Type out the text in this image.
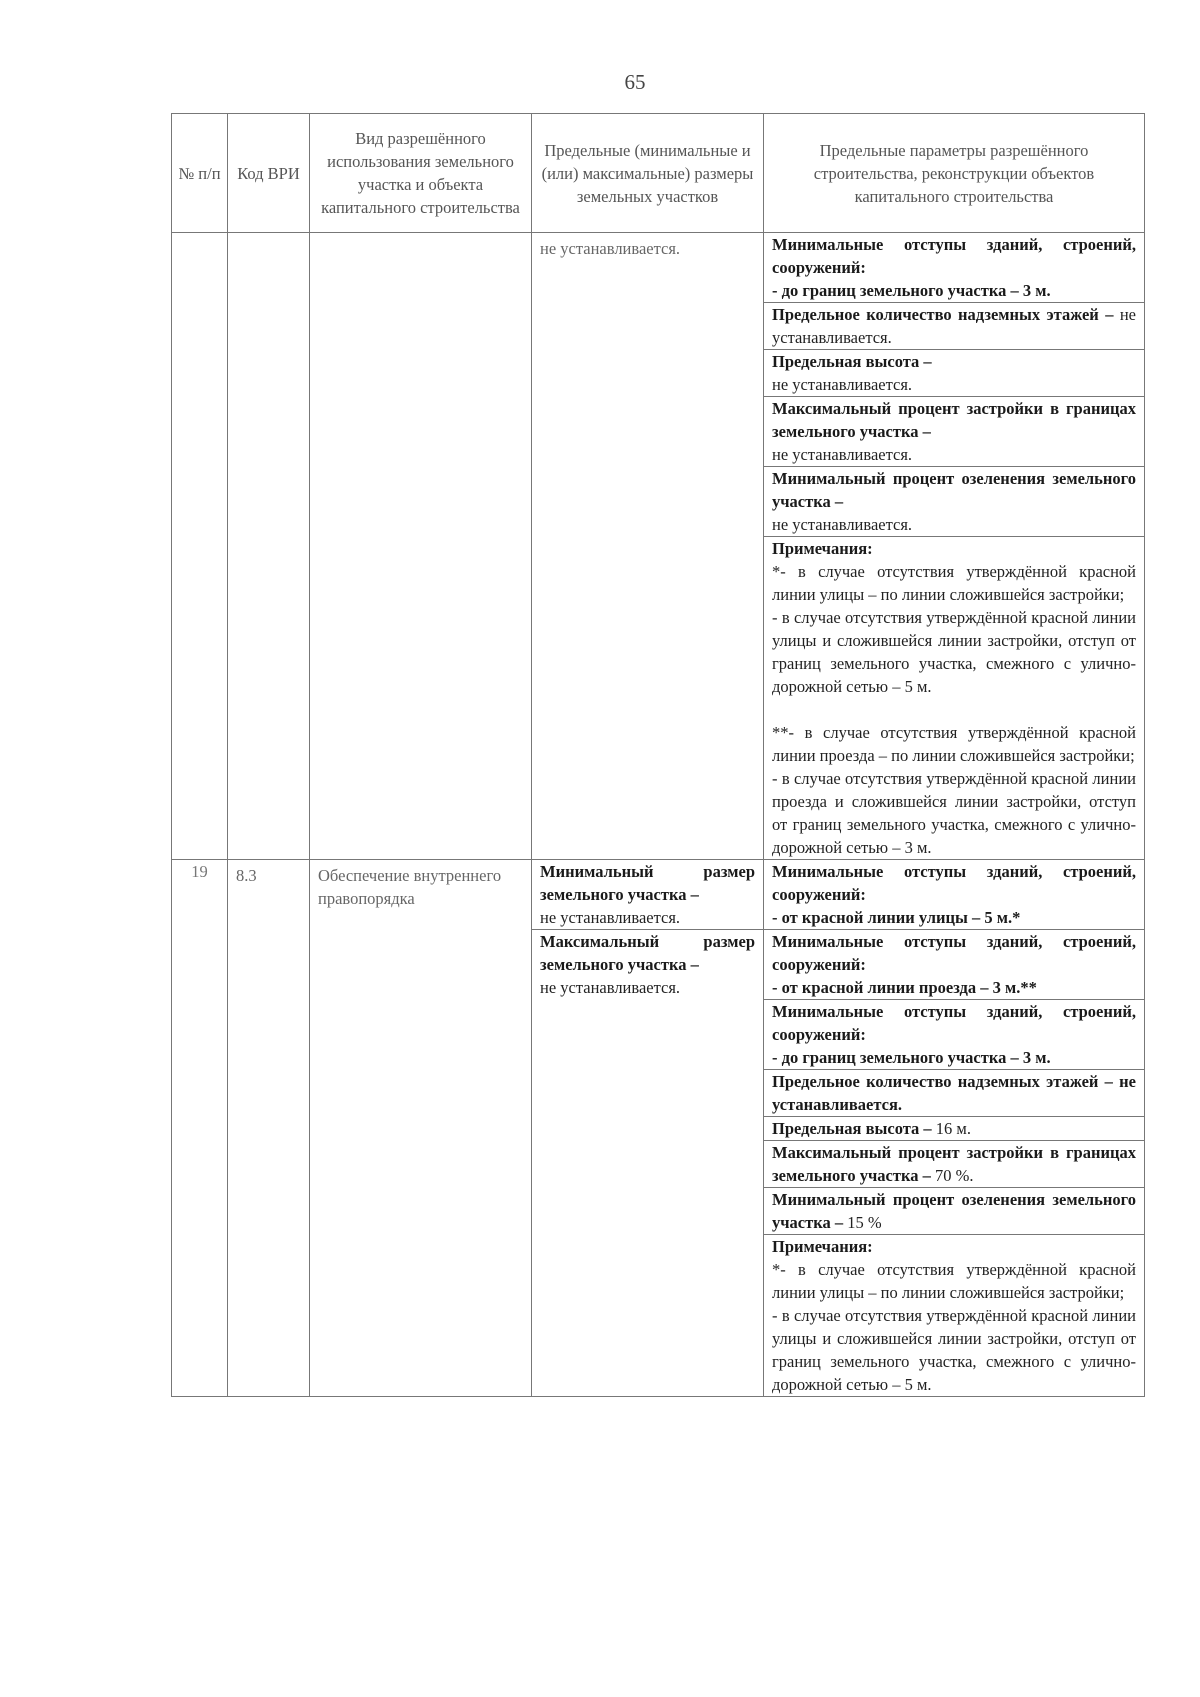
65
№ п/п	Код ВРИ	Вид разрешённого использования земельного участка и объекта капитального строительства	Предельные (минимальные и (или) максимальные) размеры земельных участков	Предельные параметры разрешённого строительства, реконструкции объектов капитального строительства
			не устанавливается.	Минимальные отступы зданий, строений, сооружений:
- до границ земельного участка – 3 м.
				Предельное количество надземных этажей – не устанавливается.
				Предельная высота –
не устанавливается.
				Максимальный процент застройки в границах земельного участка –
не устанавливается.
				Минимальный процент озеленения земельного участка –
не устанавливается.
				Примечания:
*- в случае отсутствия утверждённой красной линии улицы – по линии сложившейся застройки;
- в случае отсутствия утверждённой красной линии улицы и сложившейся линии застройки, отступ от границ земельного участка, смежного с улично-дорожной сетью – 5 м.
**- в случае отсутствия утверждённой красной линии проезда – по линии сложившейся застройки;
- в случае отсутствия утверждённой красной линии проезда и сложившейся линии застройки, отступ от границ земельного участка, смежного с улично-дорожной сетью – 3 м.

19	8.3	Обеспечение внутреннего правопорядка	Минимальный размер земельного участка –
не устанавливается.	Минимальные отступы зданий, строений, сооружений:
- от красной линии улицы – 5 м.*
			Максимальный размер земельного участка –
не устанавливается.	Минимальные отступы зданий, строений, сооружений:
- от красной линии проезда – 3 м.**
				Минимальные отступы зданий, строений, сооружений:
- до границ земельного участка – 3 м.
				Предельное количество надземных этажей – не устанавливается.
				Предельная высота – 16 м.
				Максимальный процент застройки в границах земельного участка – 70 %.
				Минимальный процент озеленения земельного участка – 15 %
				Примечания:
*- в случае отсутствия утверждённой красной линии улицы – по линии сложившейся застройки;
- в случае отсутствия утверждённой красной линии улицы и сложившейся линии застройки, отступ от границ земельного участка, смежного с улично-дорожной сетью – 5 м.
